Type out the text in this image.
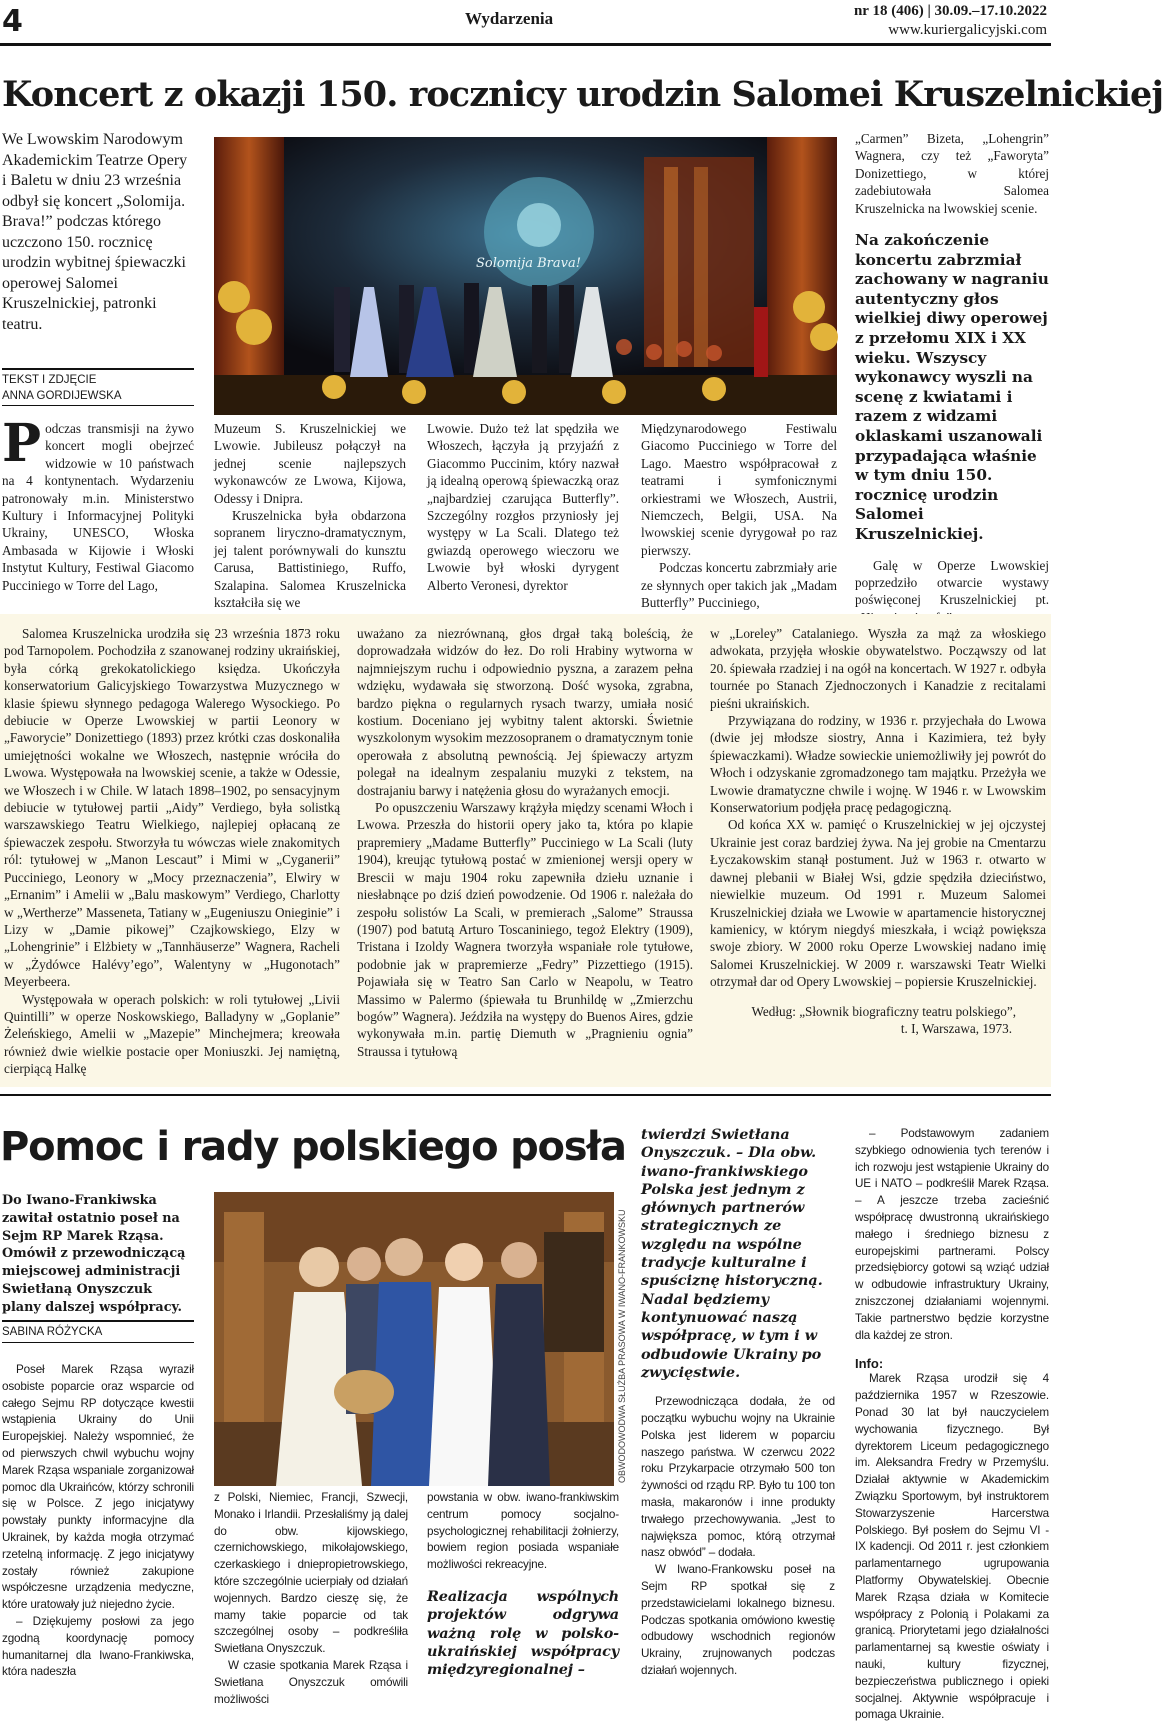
4	Wydarzenia	nr 18 (406) | 30.09.–17.10.2022
www.kuriergalicyjski.com
Koncert z okazji 150. rocznicy urodzin Salomei Kruszelnickiej
We Lwowskim Narodowym Akademickim Teatrze Opery i Baletu w dniu 23 września odbył się koncert „Solomija. Brava!” podczas którego uczczono 150. rocznicę urodzin wybitnej śpiewaczki operowej Salomei Kruszelnickiej, patronki teatru.
TEKST I ZDJĘCIE
ANNA GORDIJEWSKA
Solomija Brava!
P odczas transmisji na żywo koncert mogli obejrzeć widzowie w 10 państwach na 4 kontynentach. Wydarzeniu patronowały m.in. Ministerstwo Kultury i Informacyjnej Polityki Ukrainy, UNESCO, Włoska Ambasada w Kijowie i Włoski Instytut Kultury, Festiwal Giacomo Pucciniego w Torre del Lago,

Muzeum S. Kruszelnickiej we Lwowie. Jubileusz połączył na jednej scenie najlepszych wykonawców ze Lwowa, Kijowa, Odessy i Dnipra.

Kruszelnicka była obdarzona sopranem liryczno-dramatycznym, jej talent porównywali do kunsztu Carusa, Battistiniego, Ruffo, Szalapina. Salomea Kruszelnicka kształciła się we

Lwowie. Dużo też lat spędziła we Włoszech, łączyła ją przyjaźń z Giacommo Puccinim, który nazwał ją idealną operową śpiewaczką oraz „najbardziej czarująca Butterfly”. Szczególny rozgłos przyniosły jej występy w La Scali. Dlatego też gwiazdą operowego wieczoru we Lwowie był włoski dyrygent Alberto Veronesi, dyrektor

Międzynarodowego Festiwalu Giacomo Pucciniego w Torre del Lago. Maestro współpracował z teatrami i symfonicznymi orkiestrami we Włoszech, Austrii, Niemczech, Belgii, USA. Na lwowskiej scenie dyrygował po raz pierwszy.

Podczas koncertu zabrzmiały arie ze słynnych oper takich jak „Madam Butterfly” Pucciniego,

„Carmen” Bizeta, „Lohengrin” Wagnera, czy też „Faworyta” Donizettiego, w której zadebiutowała Salomea Kruszelnicka na lwowskiej scenie.
Na zakończenie koncertu zabrzmiał zachowany w nagraniu autentyczny głos wielkiej diwy operowej z przełomu XIX i XX wieku. Wszyscy wykonawcy wyszli na scenę z kwiatami i razem z widzami oklaskami uszanowali przypadająca właśnie w tym dniu 150. rocznicę urodzin Salomei Kruszelnickiej.
Galę w Operze Lwowskiej poprzedziło otwarcie wystawy poświęconej Kruszelnickiej pt.

Salomea Kruszelnicka urodziła się 23 września 1873 roku pod Tarnopolem. Pochodziła z szanowanej rodziny ukraińskiej, była córką grekokatolickiego księdza. Ukończyła konserwatorium Galicyjskiego Towarzystwa Muzycznego w klasie śpiewu słynnego pedagoga Walerego Wysockiego. Po debiucie w Operze Lwowskiej w partii Leonory w „Faworycie” Donizettiego (1893) przez krótki czas doskonaliła umiejętności wokalne we Włoszech, następnie wróciła do Lwowa. Występowała na lwowskiej scenie, a także w Odessie, we Włoszech i w Chile. W latach 1898–1902, po sensacyjnym debiucie w tytułowej partii „Aidy” Verdiego, była solistką warszawskiego Teatru Wielkiego, najlepiej opłacaną ze śpiewaczek zespołu. Stworzyła tu wówczas wiele znakomitych ról: tytułowej w „Manon Lescaut” i Mimi w „Cyganerii” Pucciniego, Leonory w „Mocy przeznaczenia”, Elwiry w „Ernanim” i Amelii w „Balu maskowym” Verdiego, Charlotty w „Wertherze” Massenetа, Tatiany w „Eugeniuszu Onieginie” i Lizy w „Damie pikowej” Czajkowskiego, Elzy w „Lohengrinie” i Elżbiety w „Tannhäuserze” Wagnera, Racheli w „Żydówce Halévy’ego”, Walentyny w „Hugonotach” Meyerbeera.

Występowała w operach polskich: w roli tytułowej „Livii Quintilli” w operze Noskowskiego, Balladyny w „Goplanie” Żeleńskiego, Amelii w „Mazepie” Minchejmera; kreowała również dwie wielkie postacie oper Moniuszki. Jej namiętną, cierpiącą Halkę

uważano za niezrównaną, głos drgał taką boleścią, że doprowadzała widzów do łez. Do roli Hrabiny wytworna w najmniejszym ruchu i odpowiednio pyszna, a zarazem pełna wdzięku, wydawała się stworzoną. Dość wysoka, zgrabna, bardzo piękna o regularnych rysach twarzy, umiała nosić kostium. Doceniano jej wybitny talent aktorski. Świetnie wyszkolonym wysokim mezzosopranem o dramatycznym tonie operowała z absolutną pewnością. Jej śpiewaczy artyzm polegał na idealnym zespalaniu muzyki z tekstem, na dostrajaniu barwy i natężenia głosu do wyrażanych emocji.

Po opuszczeniu Warszawy krążyła między scenami Włoch i Lwowa. Przeszła do historii opery jako ta, która po klapie prapremiery „Madame Butterfly” Pucciniego w La Scali (luty 1904), kreując tytułową postać w zmienionej wersji opery w Brescii w maju 1904 roku zapewniła dziełu uznanie i niesłabnące po dziś dzień powodzenie. Od 1906 r. należała do zespołu solistów La Scali, w premierach „Salome” Straussa (1907) pod batutą Arturo Toscaniniego, tegoż Elektry (1909), Tristana i Izoldy Wagnera tworzyła wspaniałe role tytułowe, podobnie jak w prapremierze „Fedry” Pizzettiego (1915). Pojawiała się w Teatro San Carlo w Neapolu, w Teatro Massimo w Palermo (śpiewała tu Brunhildę w „Zmierzchu bogów” Wagnera). Jeździła na występy do Buenos Aires, gdzie wykonywała m.in. partię Diemuth w „Pragnieniu ognia” Straussa i tytułową

w „Loreley” Catalaniego. Wyszła za mąż za włoskiego adwokata, przyjęła włoskie obywatelstwo. Począwszy od lat 20. śpiewała rzadziej i na ogół na koncertach. W 1927 r. odbyła tournée po Stanach Zjednoczonych i Kanadzie z recitalami pieśni ukraińskich.

Przywiązana do rodziny, w 1936 r. przyjechała do Lwowa (dwie jej młodsze siostry, Anna i Kazimiera, też były śpiewaczkami). Władze sowieckie uniemożliwiły jej powrót do Włoch i odzyskanie zgromadzonego tam majątku. Przeżyła we Lwowie dramatyczne chwile i wojnę. W 1946 r. w Lwowskim Konserwatorium podjęła pracę pedagogiczną.

Od końca XX w. pamięć o Kruszelnickiej w jej ojczystej Ukrainie jest coraz bardziej żywa. Na jej grobie na Cmentarzu Łyczakowskim stanął postument. Już w 1963 r. otwarto w dawnej plebanii w Białej Wsi, gdzie spędziła dzieciństwo, niewielkie muzeum. Od 1991 r. Muzeum Salomei Kruszelnickiej działa we Lwowie w apartamencie historycznej kamienicy, w którym niegdyś mieszkała, i wciąż powiększa swoje zbiory. W 2000 roku Operze Lwowskiej nadano imię Salomei Kruszelnickiej. W 2009 r. warszawski Teatr Wielki otrzymał dar od Opery Lwowskiej – popiersie Kruszelnickiej.

Według: „Słownik biograficzny teatru polskiego”,
t. I, Warszawa, 1973.
Pomoc i rady polskiego posła
Do Iwano-Frankiwska zawitał ostatnio poseł na Sejm RP Marek Rząsa. Omówił z przewodniczącą miejscowej administracji Swietłaną Onyszczuk plany dalszej współpracy.
SABINA RÓŻYCKA	OBWODOWODWA SŁUŻBA PRASOWA W IWANO-FRANKOWSKU

Poseł Marek Rząsa wyraził osobiste poparcie oraz wsparcie od całego Sejmu RP dotyczące kwestii wstąpienia Ukrainy do Unii Europejskiej. Należy wspomnieć, że od pierwszych chwil wybuchu wojny Marek Rząsa wspaniale zorganizował pomoc dla Ukraińców, którzy schronili się w Polsce. Z jego inicjatywy powstały punkty informacyjne dla Ukrainek, by każda mogła otrzymać rzetelną informację. Z jego inicjatywy zostały również zakupione współczesne urządzenia medyczne, które uratowały już niejedno życie.

– Dziękujemy posłowi za jego zgodną koordynację pomocy humanitarnej dla Iwano-Frankiwska, która nadeszła

z Polski, Niemiec, Francji, Szwecji, Monako i Irlandii. Przesłaliśmy ją dalej do obw. kijowskiego, czernichowskiego, mikołajowskiego, czerkaskiego i dniepropietrowskiego, które szczególnie ucierpiały od działań wojennych. Bardzo cieszę się, że mamy takie poparcie od tak szczególnej osoby – podkreśliła Swietłana Onyszczuk.

W czasie spotkania Marek Rząsa i Swietłana Onyszczuk omówili możliwości

powstania w obw. iwano-frankiwskim centrum pomocy socjalno-psychologicznej rehabilitacji żołnierzy, bowiem region posiada wspaniałe możliwości rekreacyjne.

Realizacja wspólnych projektów odgrywa ważną rolę w polsko-ukraińskiej współpracy międzyregionalnej –
twierdzi Swietłana Onyszczuk. – Dla obw. iwano-frankiwskiego Polska jest jednym z głównych partnerów strategicznych ze względu na wspólne tradycje kulturalne i spuściznę historyczną. Nadal będziemy kontynuować naszą współpracę, w tym i w odbudowie Ukrainy po zwycięstwie.

Przewodnicząca dodała, że od początku wybuchu wojny na Ukrainie Polska jest liderem w poparciu naszego państwa. W czerwcu 2022 roku Przykarpacie otrzymało 500 ton żywności od rządu RP. Było tu 100 ton masła, makaronów i inne produkty trwałego przechowywania. „Jest to największa pomoc, którą otrzymał nasz obwód” – dodała.

W Iwano-Frankowsku poseł na Sejm RP spotkał się z przedstawicielami lokalnego biznesu. Podczas spotkania omówiono kwestię odbudowy wschodnich regionów Ukrainy, zrujnowanych podczas działań wojennych.

– Podstawowym zadaniem szybkiego odnowienia tych terenów i ich rozwoju jest wstąpienie Ukrainy do UE i NATO – podkreślił Marek Rząsa. – A jeszcze trzeba zacieśnić współpracę dwustronną ukraińskiego małego i średniego biznesu z europejskimi partnerami. Polscy przedsiębiorcy gotowi są wziąć udział w odbudowie infrastruktury Ukrainy, zniszczonej działaniami wojennymi. Takie partnerstwo będzie korzystne dla każdej ze stron.

Info:

Marek Rząsa urodził się 4 października 1957 w Rzeszowie. Ponad 30 lat był nauczycielem wychowania fizycznego. Był dyrektorem Liceum pedagogicznego im. Aleksandra Fredry w Przemyślu. Działał aktywnie w Akademickim Związku Sportowym, był instruktorem Stowarzyszenie Harcerstwa Polskiego. Był posłem do Sejmu VI - IX kadencji. Od 2011 r. jest członkiem parlamentarnego ugrupowania Platformy Obywatelskiej. Obecnie Marek Rząsa działa w Komitecie współpracy z Polonią i Polakami za granicą. Priorytetami jego działalności parlamentarnej są kwestie oświaty i nauki, kultury fizycznej, bezpieczeństwa publicznego i opieki socjalnej. Aktywnie współpracuje i pomaga Ukrainie.
